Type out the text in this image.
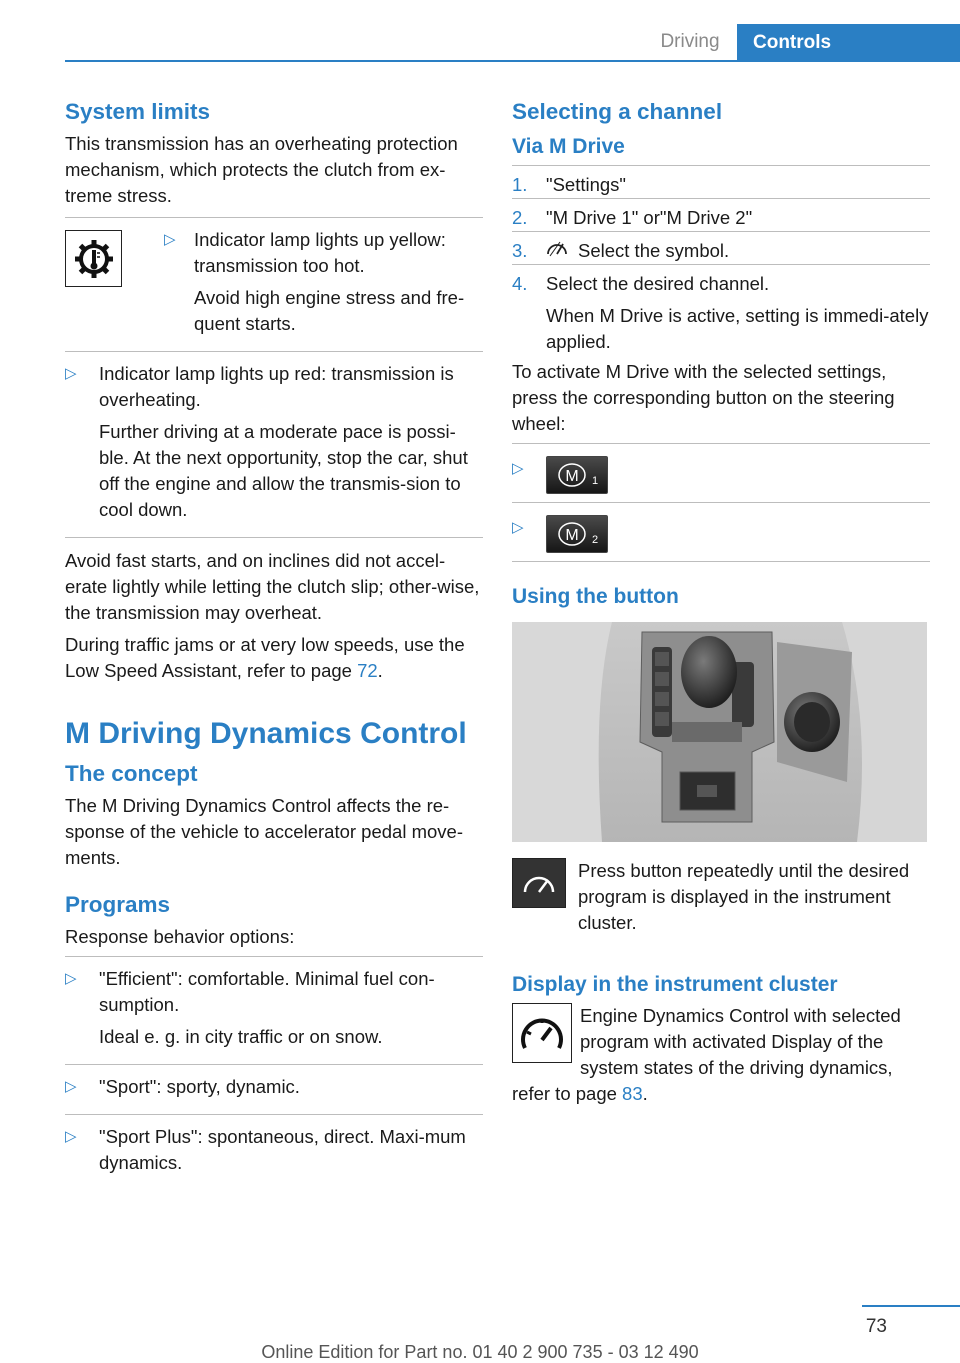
Driving	Controls
System limits

This transmission has an overheating protection mechanism, which protects the clutch from ex-treme stress.

▷ Indicator lamp lights up yellow: transmission too hot.

Avoid high engine stress and fre-quent starts.

▷	Indicator lamp lights up red: transmission is overheating.

Further driving at a moderate pace is possi-ble. At the next opportunity, stop the car, shut off the engine and allow the transmis-sion to cool down.

Avoid fast starts, and on inclines did not accel-erate lightly while letting the clutch slip; other-wise, the transmission may overheat.

During traffic jams or at very low speeds, use the Low Speed Assistant, refer to page 72.

M Driving Dynamics Control
The concept

The M Driving Dynamics Control affects the re-sponse of the vehicle to accelerator pedal move-ments.

Programs

Response behavior options:

▷	"Efficient": comfortable. Minimal fuel con-sumption.

Ideal e. g. in city traffic or on snow.

▷	"Sport": sporty, dynamic.

▷	"Sport Plus": spontaneous, direct. Maxi-mum dynamics.

Selecting a channel
Via M Drive
1.	"Settings"

2.	"M Drive 1" or"M Drive 2"

3.	Select the symbol.

4.	Select the desired channel.

When M Drive is active, setting is immedi-ately applied.

To activate M Drive with the selected settings, press the corresponding button on the steering wheel:

▷	M 1
▷	M 2
Using the button

Press button repeatedly until the desired program is displayed in the instrument cluster.

Display in the instrument cluster

Engine Dynamics Control with selected program with activated Display of the system states of the driving dynamics, refer to page 83.

73
Online Edition for Part no. 01 40 2 900 735 - 03 12 490
